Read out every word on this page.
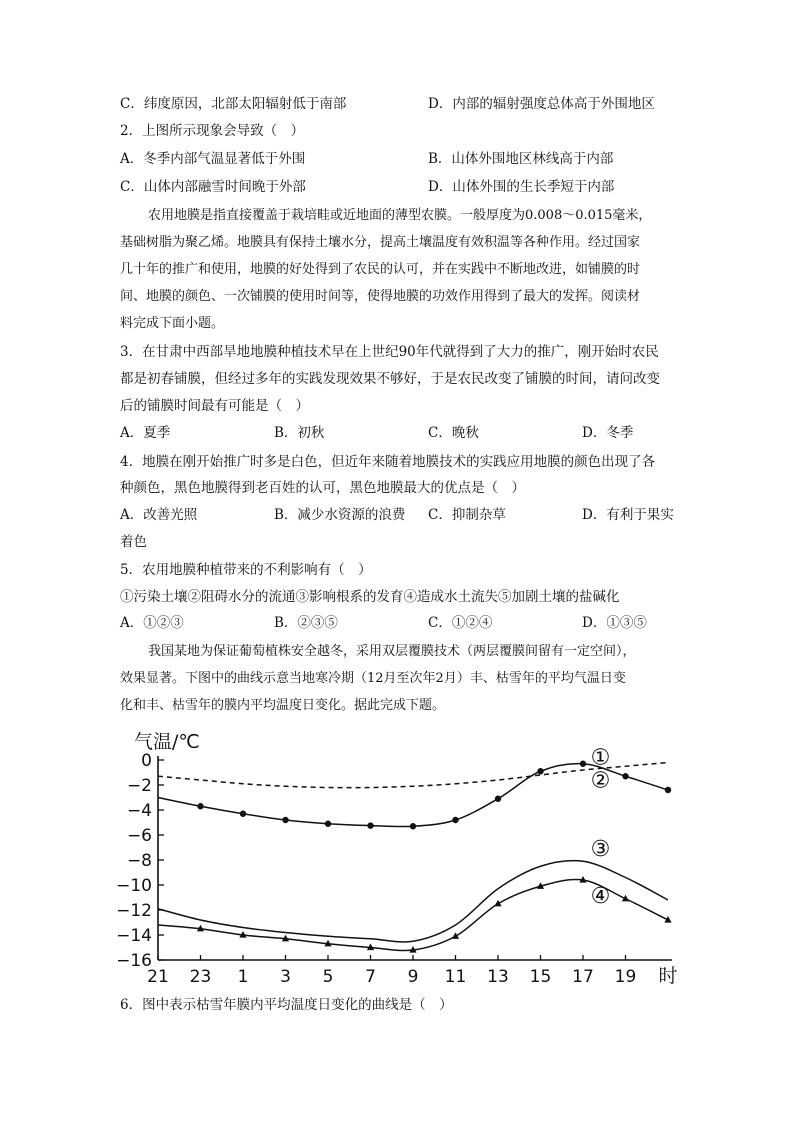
C．纬度原因，北部太阳辐射低于南部	D．内部的辐射强度总体高于外围地区
2．上图所示现象会导致（　）
A．冬季内部气温显著低于外围	B．山体外围地区林线高于内部
C．山体内部融雪时间晚于外部	D．山体外围的生长季短于内部
农用地膜是指直接覆盖于栽培畦或近地面的薄型农膜。一般厚度为0.008～0.015毫米，
基础树脂为聚乙烯。地膜具有保持土壤水分，提高土壤温度有效积温等各种作用。经过国家
几十年的推广和使用，地膜的好处得到了农民的认可，并在实践中不断地改进，如铺膜的时
间、地膜的颜色、一次铺膜的使用时间等，使得地膜的功效作用得到了最大的发挥。阅读材
料完成下面小题。
3．在甘肃中西部旱地地膜种植技术早在上世纪90年代就得到了大力的推广，刚开始时农民
都是初春铺膜，但经过多年的实践发现效果不够好，于是农民改变了铺膜的时间，请问改变
后的铺膜时间最有可能是（　）
A．夏季	B．初秋	C．晚秋	D．冬季
4．地膜在刚开始推广时多是白色，但近年来随着地膜技术的实践应用地膜的颜色出现了各
种颜色，黑色地膜得到老百姓的认可，黑色地膜最大的优点是（　）
A．改善光照	B．减少水资源的浪费 C．抑制杂草	D．有利于果实
着色
5．农用地膜种植带来的不利影响有（　）
①污染土壤②阻碍水分的流通③影响根系的发育④造成水土流失⑤加剧土壤的盐碱化
A．①②③	B．②③⑤	C．①②④	D．①③⑤
我国某地为保证葡萄植株安全越冬，采用双层覆膜技术（两层覆膜间留有一定空间），
效果显著。下图中的曲线示意当地寒冷期（12月至次年2月）丰、枯雪年的平均气温日变
化和丰、枯雪年的膜内平均温度日变化。据此完成下题。
0
−2
−4
−6
−8
−10
−12
−14
−16
气温/℃
21 23 1 3 5 7 9 11 13 15 17 19 时
①
②
③
④
6．图中表示枯雪年膜内平均温度日变化的曲线是（　）
